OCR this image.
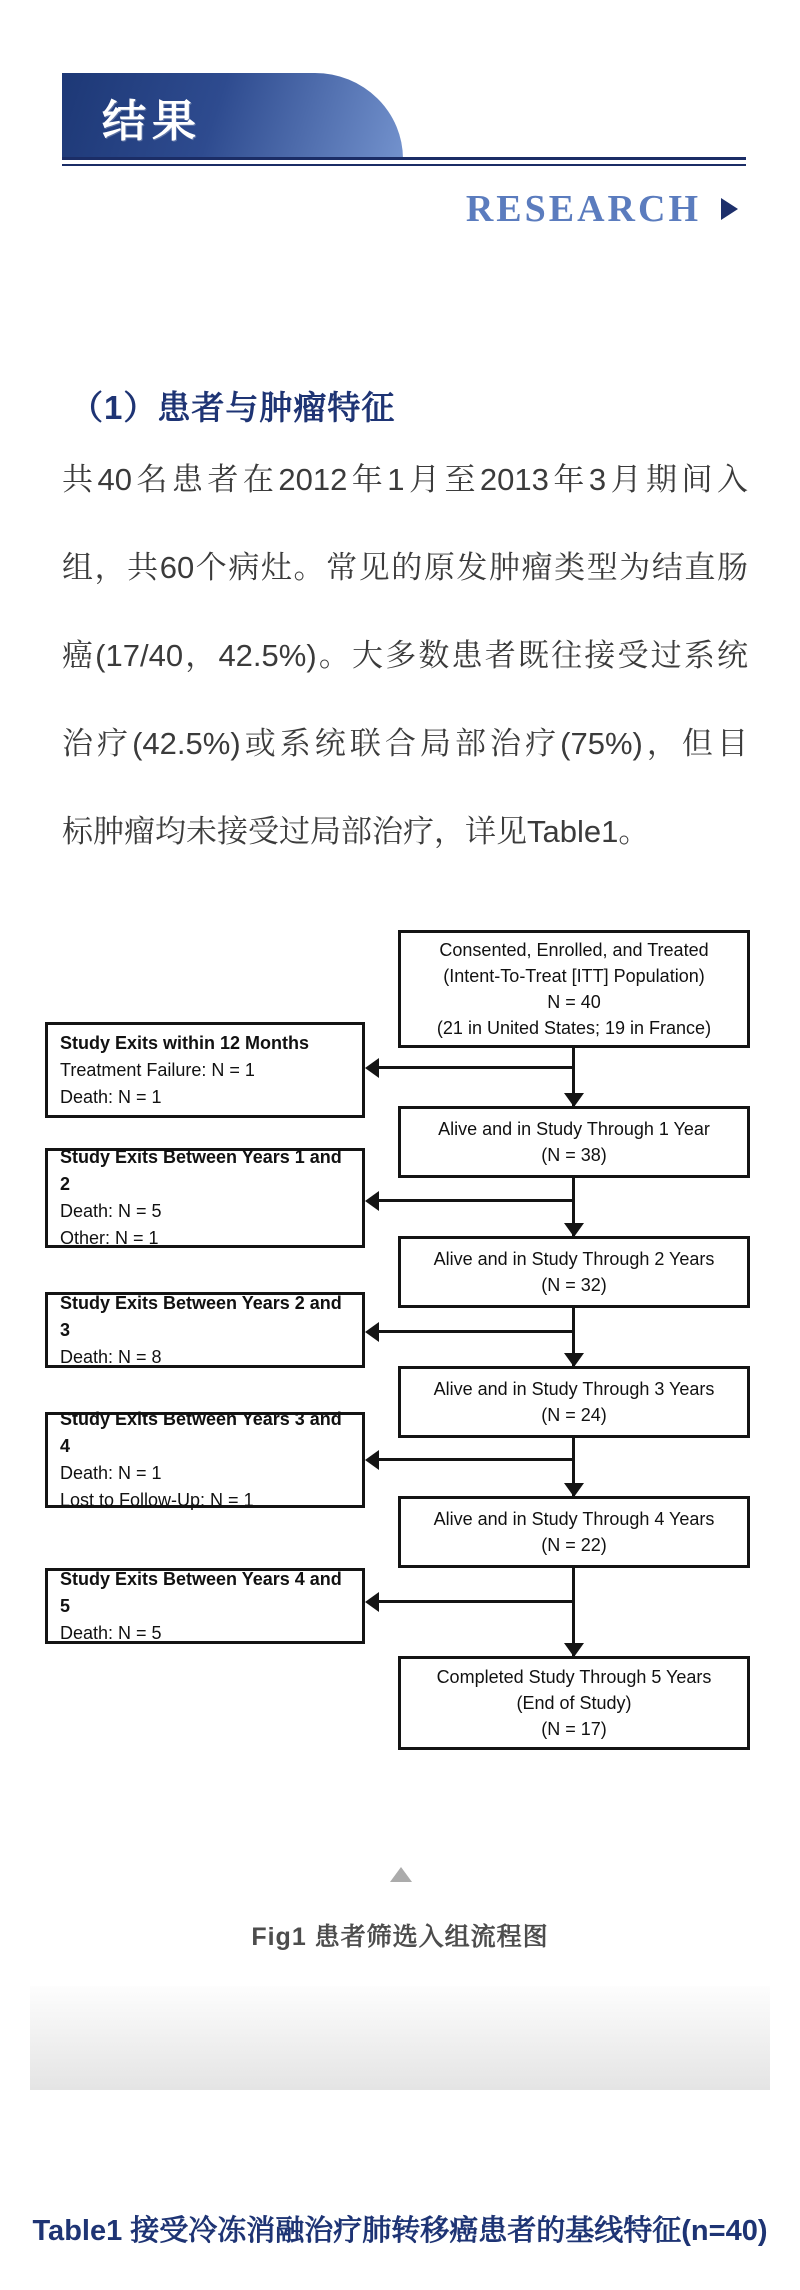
结果
RESEARCH
（1）患者与肿瘤特征
共40名患者在2012年1月至2013年3月期间入
组，共60个病灶。常见的原发肿瘤类型为结直肠
癌(17/40，42.5%)。大多数患者既往接受过系统
治疗(42.5%)或系统联合局部治疗(75%)，但目
标肿瘤均未接受过局部治疗，详见Table1。
Consented, Enrolled, and Treated
(Intent-To-Treat [ITT] Population)
N = 40
(21 in United States; 19 in France)
Alive and in Study Through 1 Year
(N = 38)
Alive and in Study Through 2 Years
(N = 32)
Alive and in Study Through 3 Years
(N = 24)
Alive and in Study Through 4 Years
(N = 22)
Completed Study Through 5 Years
(End of Study)
(N = 17)
Study Exits within 12 Months
Treatment Failure: N = 1
Death: N = 1
Study Exits Between Years 1 and 2
Death: N = 5
Other: N = 1
Study Exits Between Years 2 and 3
Death: N = 8
Study Exits Between Years 3 and 4
Death: N = 1
Lost to Follow-Up: N = 1
Study Exits Between Years 4 and 5
Death: N = 5
Fig1 患者筛选入组流程图
Table1 接受冷冻消融治疗肺转移癌患者的基线特征(n=40)
